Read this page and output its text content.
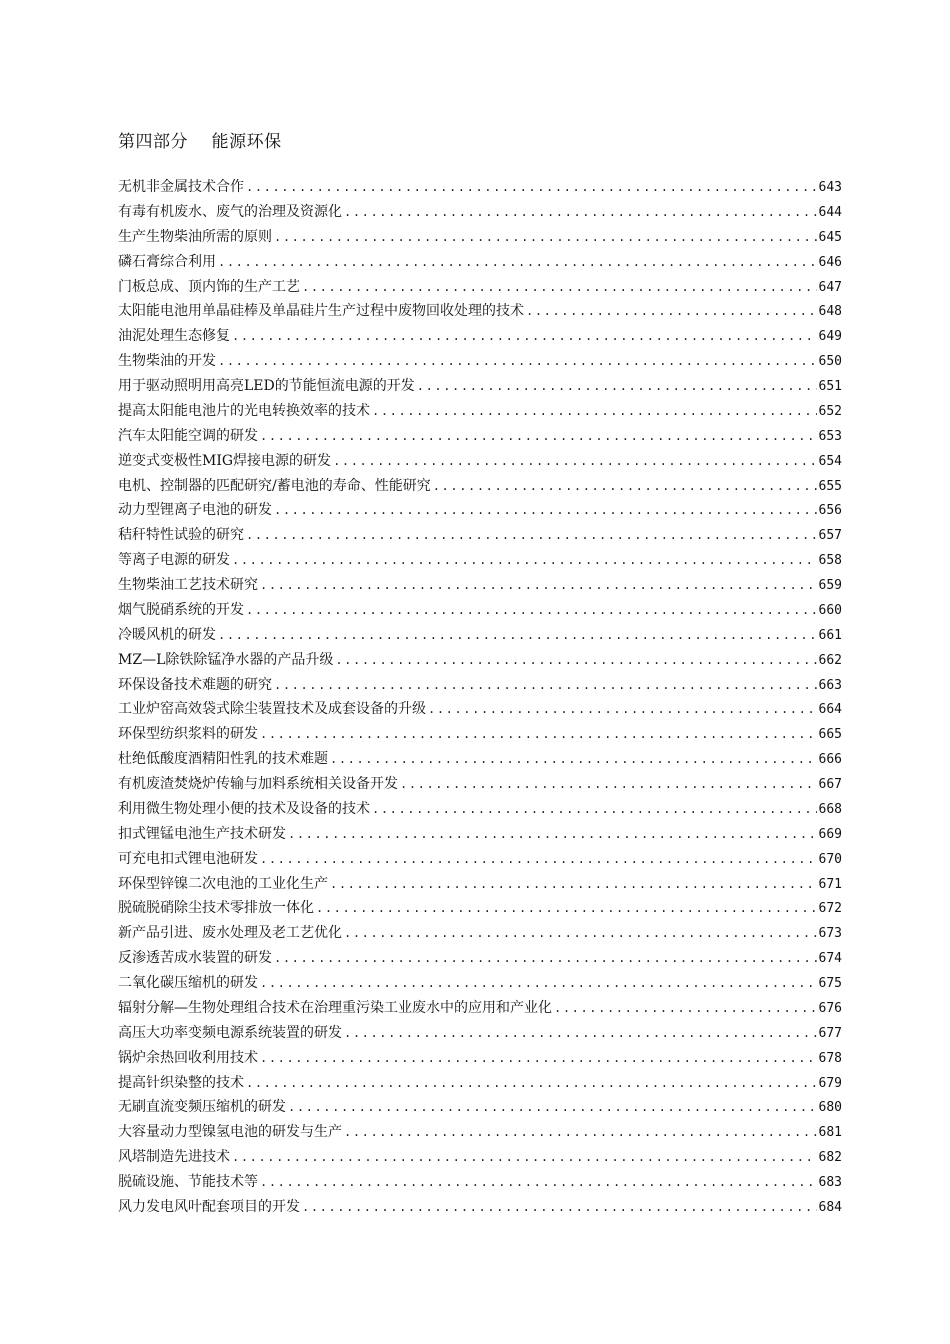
第四部分    能源环保
无机非金属技术合作 .....	643
有毒有机废水、废气的治理及资源化 .....	644
生产生物柴油所需的原则 .....	645
磷石膏综合利用 .....	646
门板总成、顶内饰的生产工艺 .....	647
太阳能电池用单晶硅棒及单晶硅片生产过程中废物回收处理的技术 .....	648
油泥处理生态修复 .....	649
生物柴油的开发 .....	650
用于驱动照明用高亮LED的节能恒流电源的开发 .....	651
提高太阳能电池片的光电转换效率的技术 .....	652
汽车太阳能空调的研发 .....	653
逆变式变极性MIG焊接电源的研发 .....	654
电机、控制器的匹配研究/蓄电池的寿命、性能研究 .....	655
动力型锂离子电池的研发 .....	656
秸秆特性试验的研究 .....	657
等离子电源的研发 .....	658
生物柴油工艺技术研究 .....	659
烟气脱硝系统的开发 .....	660
冷暖风机的研发 .....	661
MZ—L除铁除锰净水器的产品升级 .....	662
环保设备技术难题的研究 .....	663
工业炉窑高效袋式除尘装置技术及成套设备的升级 .....	664
环保型纺织浆料的研发 .....	665
杜绝低酸度酒精阳性乳的技术难题 .....	666
有机废渣焚烧炉传输与加料系统相关设备开发 .....	667
利用微生物处理小便的技术及设备的技术 .....	668
扣式锂锰电池生产技术研发 .....	669
可充电扣式锂电池研发 .....	670
环保型锌镍二次电池的工业化生产 .....	671
脱硫脱硝除尘技术零排放一体化 .....	672
新产品引进、废水处理及老工艺优化 .....	673
反渗透苦成水装置的研发 .....	674
二氧化碳压缩机的研发 .....	675
辐射分解—生物处理组合技术在治理重污染工业废水中的应用和产业化 .....	676
高压大功率变频电源系统装置的研发 .....	677
锅炉余热回收利用技术 .....	678
提高针织染整的技术 .....	679
无刷直流变频压缩机的研发 .....	680
大容量动力型镍氢电池的研发与生产 .....	681
风塔制造先进技术 .....	682
脱硫设施、节能技术等 .....	683
风力发电风叶配套项目的开发 .....	684
